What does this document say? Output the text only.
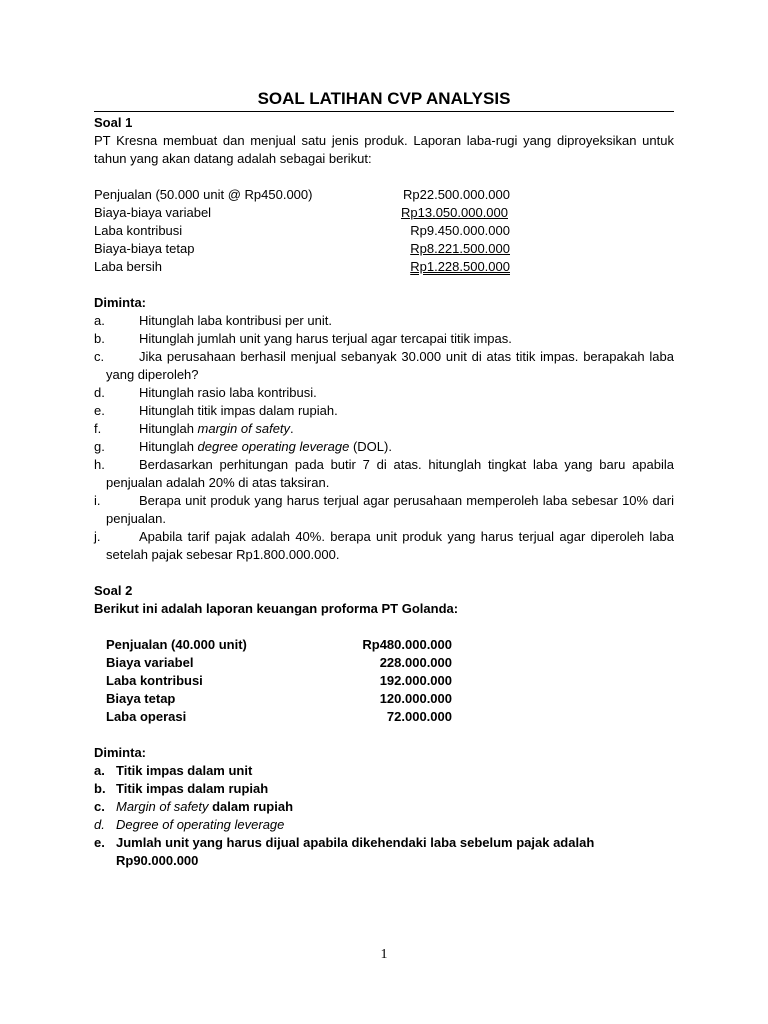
SOAL LATIHAN CVP ANALYSIS
Soal 1
PT Kresna membuat dan menjual satu jenis produk. Laporan laba-rugi yang diproyeksikan untuk tahun yang akan datang adalah sebagai berikut:
Penjualan (50.000 unit @ Rp450.000)	Rp22.500.000.000
Biaya-biaya variabel	Rp13.050.000.000
Laba kontribusi	Rp9.450.000.000
Biaya-biaya tetap	Rp8.221.500.000
Laba bersih	Rp1.228.500.000
Diminta:
a.	Hitunglah laba kontribusi per unit.
b.	Hitunglah jumlah unit yang harus terjual agar tercapai titik impas.
c.	Jika perusahaan berhasil menjual sebanyak 30.000 unit di atas titik impas. berapakah laba yang diperoleh?
d.	Hitunglah rasio laba kontribusi.
e.	Hitunglah titik impas dalam rupiah.
f.	Hitunglah margin of safety.
g.	Hitunglah degree operating leverage (DOL).
h.	Berdasarkan perhitungan pada butir 7 di atas. hitunglah tingkat laba yang baru apabila penjualan adalah 20% di atas taksiran.
i.	Berapa unit produk yang harus terjual agar perusahaan memperoleh laba sebesar 10% dari penjualan.
j.	Apabila tarif pajak adalah 40%. berapa unit produk yang harus terjual agar diperoleh laba setelah pajak sebesar Rp1.800.000.000.
Soal 2
Berikut ini adalah laporan keuangan proforma PT Golanda:
Penjualan (40.000 unit)	Rp480.000.000
Biaya variabel	228.000.000
Laba kontribusi	192.000.000
Biaya tetap	120.000.000
Laba operasi	72.000.000
Diminta:
a. Titik impas dalam unit
b. Titik impas dalam rupiah
c. Margin of safety dalam rupiah
d. Degree of operating leverage
e. Jumlah unit yang harus dijual apabila dikehendaki laba sebelum pajak adalah Rp90.000.000
1
